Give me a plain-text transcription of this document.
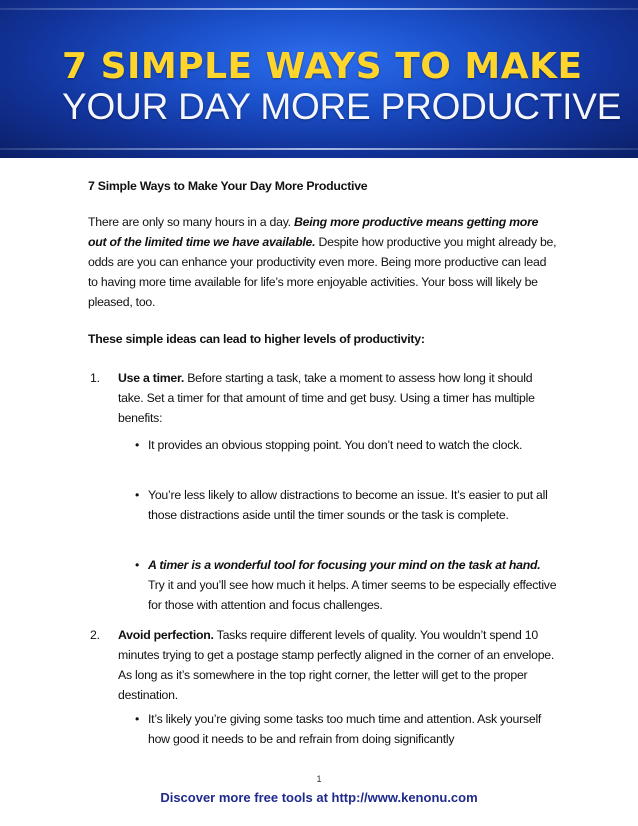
7 SIMPLE WAYS TO MAKE
YOUR DAY MORE PRODUCTIVE

7 Simple Ways to Make Your Day More Productive

There are only so many hours in a day. Being more productive means getting more out of the limited time we have available. Despite how productive you might already be, odds are you can enhance your productivity even more. Being more productive can lead to having more time available for life’s more enjoyable activities. Your boss will likely be pleased, too.

These simple ideas can lead to higher levels of productivity:

1. Use a timer. Before starting a task, take a moment to assess how long it should take. Set a timer for that amount of time and get busy. Using a timer has multiple benefits:
• It provides an obvious stopping point. You don’t need to watch the clock.
• You’re less likely to allow distractions to become an issue. It’s easier to put all those distractions aside until the timer sounds or the task is complete.
• A timer is a wonderful tool for focusing your mind on the task at hand. Try it and you’ll see how much it helps. A timer seems to be especially effective for those with attention and focus challenges.
2. Avoid perfection. Tasks require different levels of quality. You wouldn’t spend 10 minutes trying to get a postage stamp perfectly aligned in the corner of an envelope. As long as it’s somewhere in the top right corner, the letter will get to the proper destination.
• It’s likely you’re giving some tasks too much time and attention. Ask yourself how good it needs to be and refrain from doing significantly
1
Discover more free tools at http://www.kenonu.com
